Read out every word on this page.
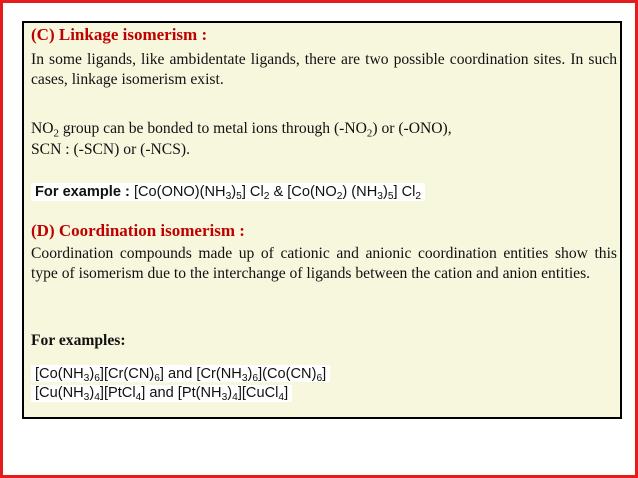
(C) Linkage isomerism :

In some ligands, like ambidentate ligands, there are two possible coordination sites. In such cases, linkage isomerism exist.

$NO_2$ group can be bonded to metal ions through $(-NO_2)$ or (-ONO),

SCN : (-SCN) or (-NCS).

For example : $[Co(ONO)(NH_3)_5]$ $Cl_2$ & [$Co(NO_2)$ $(NH_3)_5$] $Cl_2$
(D) Coordination isomerism :

Coordination compounds made up of cationic and anionic coordination entities show this type of isomerism due to the interchange of ligands between the cation and anion entities.

For examples:

$[Co(NH_3)_6][Cr(CN)_6]$ and $[Cr(NH_3)_6](Co(CN)_6]$
$[Cu(NH_3)_4][PtCl_4]$ and $[Pt(NH_3)_4][CuCl_4]$
